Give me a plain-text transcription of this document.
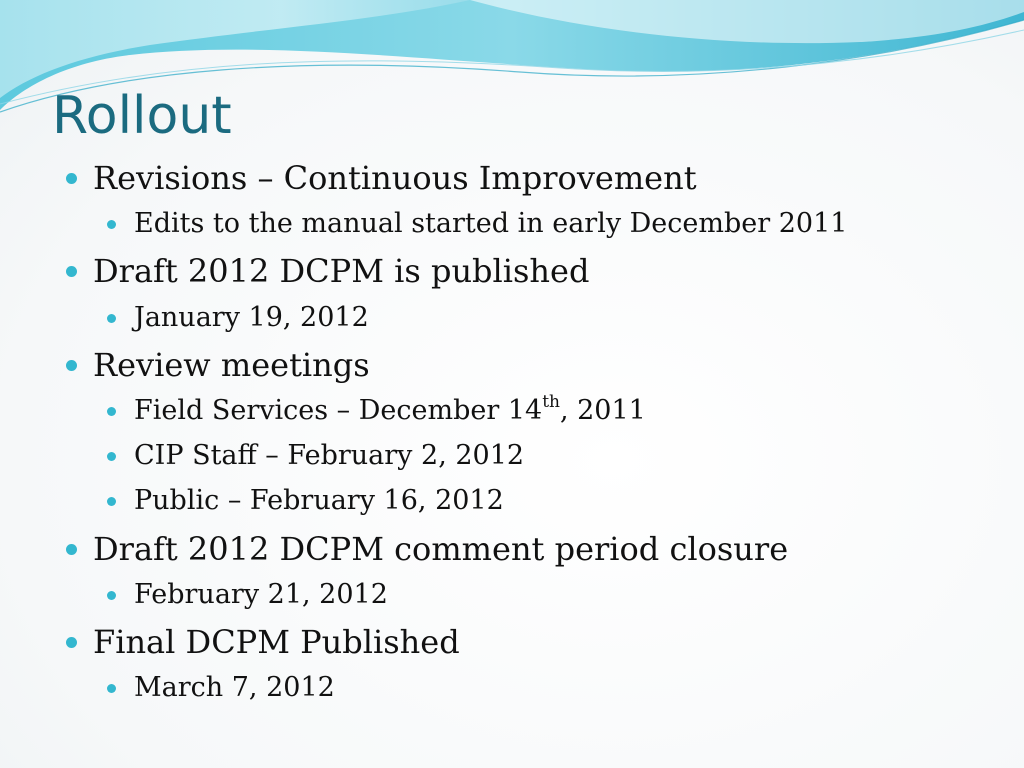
Rollout
Revisions – Continuous Improvement
Edits to the manual started in early December 2011
Draft 2012 DCPM is published
January 19, 2012
Review meetings
Field Services – December 14th, 2011
CIP Staff – February 2, 2012
Public – February 16, 2012
Draft 2012 DCPM comment period closure
February 21, 2012
Final DCPM Published
March 7, 2012
